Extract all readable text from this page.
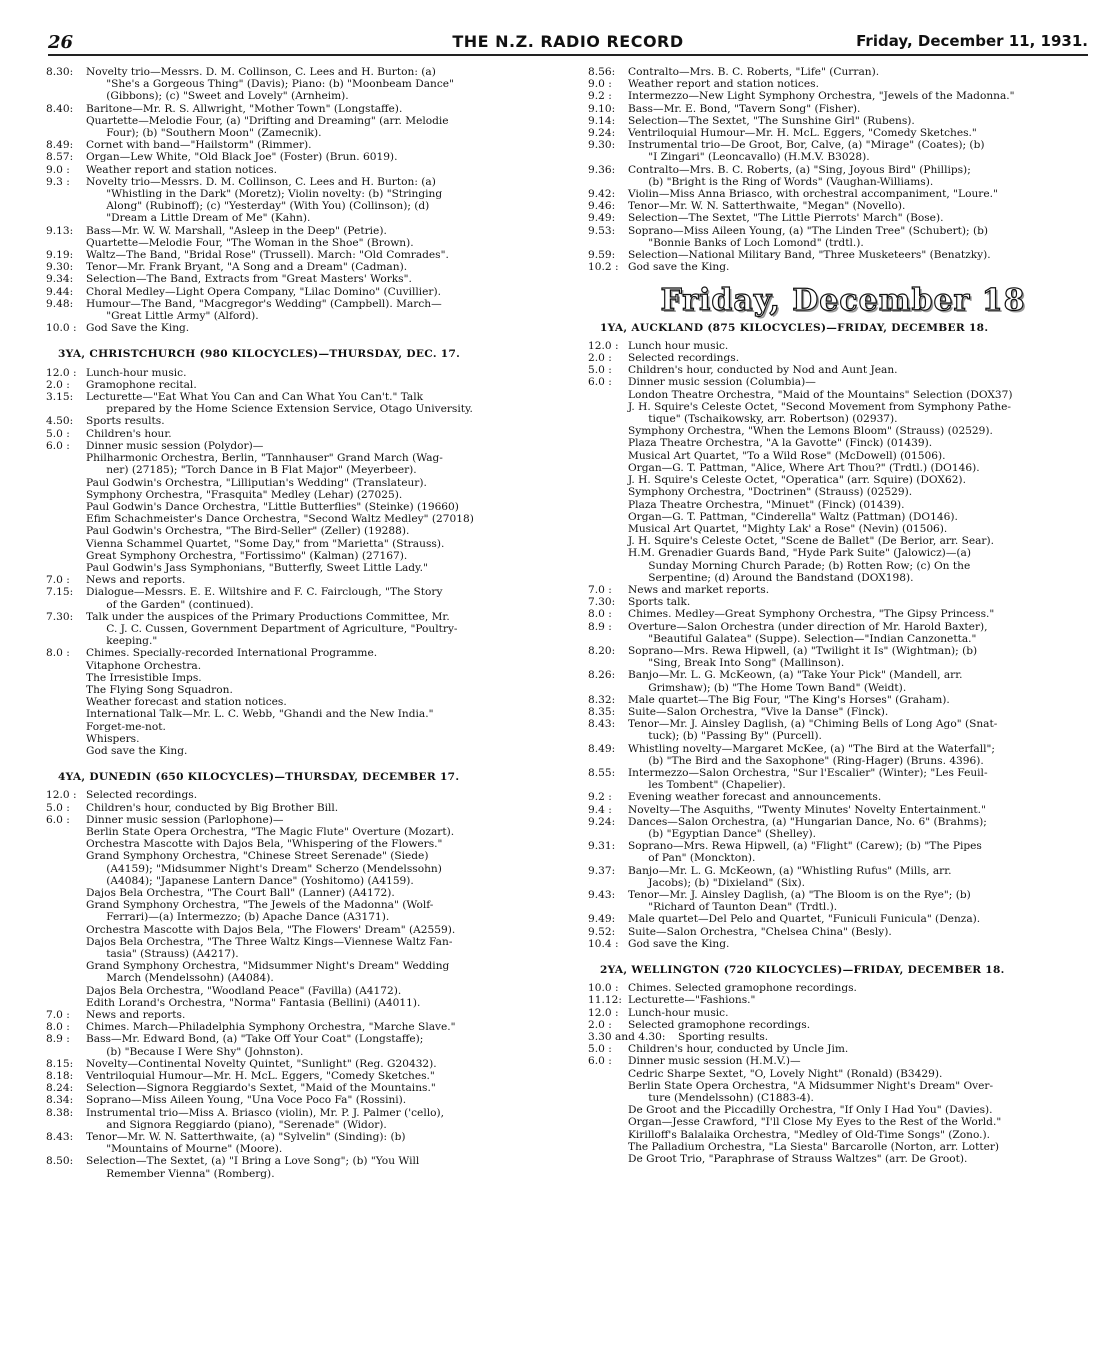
26	THE N.Z. RADIO RECORD	Friday, December 11, 1931.
8.30:	Novelty trio—Messrs. D. M. Collinson, C. Lees and H. Burton: (a)
"She's a Gorgeous Thing" (Davis); Piano: (b) "Moonbeam Dance"
(Gibbons); (c) "Sweet and Lovely" (Arnheim).
8.40:	Baritone—Mr. R. S. Allwright, "Mother Town" (Longstaffe).
Quartette—Melodie Four, (a) "Drifting and Dreaming" (arr. Melodie
Four); (b) "Southern Moon" (Zamecnik).
8.49:	Cornet with band—"Hailstorm" (Rimmer).
8.57:	Organ—Lew White, "Old Black Joe" (Foster) (Brun. 6019).
9.0 :	Weather report and station notices.
9.3 :	Novelty trio—Messrs. D. M. Collinson, C. Lees and H. Burton: (a)
"Whistling in the Dark" (Moretz); Violin novelty: (b) "Stringing
Along" (Rubinoff); (c) "Yesterday" (With You) (Collinson); (d)
"Dream a Little Dream of Me" (Kahn).
9.13:	Bass—Mr. W. W. Marshall, "Asleep in the Deep" (Petrie).
Quartette—Melodie Four, "The Woman in the Shoe" (Brown).
9.19:	Waltz—The Band, "Bridal Rose" (Trussell). March: "Old Comrades".
9.30:	Tenor—Mr. Frank Bryant, "A Song and a Dream" (Cadman).
9.34:	Selection—The Band, Extracts from "Great Masters' Works".
9.44:	Choral Medley—Light Opera Company, "Lilac Domino" (Cuvillier).
9.48:	Humour—The Band, "Macgregor's Wedding" (Campbell). March—
"Great Little Army" (Alford).
10.0 : God Save the King.
3YA, CHRISTCHURCH (980 KILOCYCLES)—THURSDAY, DEC. 17.
12.0 : Lunch-hour music.
2.0 :	Gramophone recital.
3.15:	Lecturette—"Eat What You Can and Can What You Can't." Talk
prepared by the Home Science Extension Service, Otago University.
4.50:	Sports results.
5.0 :	Children's hour.
6.0 :	Dinner music session (Polydor)—
Philharmonic Orchestra, Berlin, "Tannhauser" Grand March (Wag-
ner) (27185); "Torch Dance in B Flat Major" (Meyerbeer).
Paul Godwin's Orchestra, "Lilliputian's Wedding" (Translateur).
Symphony Orchestra, "Frasquita" Medley (Lehar) (27025).
Paul Godwin's Dance Orchestra, "Little Butterflies" (Steinke) (19660)
Efim Schachmeister's Dance Orchestra, "Second Waltz Medley" (27018)
Paul Godwin's Orchestra, "The Bird-Seller" (Zeller) (19288).
Vienna Schammel Quartet, "Some Day," from "Marietta" (Strauss).
Great Symphony Orchestra, "Fortissimo" (Kalman) (27167).
Paul Godwin's Jass Symphonians, "Butterfly, Sweet Little Lady."
7.0 :	News and reports.
7.15:	Dialogue—Messrs. E. E. Wiltshire and F. C. Fairclough, "The Story
of the Garden" (continued).
7.30:	Talk under the auspices of the Primary Productions Committee, Mr.
C. J. C. Cussen, Government Department of Agriculture, "Poultry-
keeping."
8.0 :	Chimes. Specially-recorded International Programme.
Vitaphone Orchestra.
The Irresistible Imps.
The Flying Song Squadron.
Weather forecast and station notices.
International Talk—Mr. L. C. Webb, "Ghandi and the New India."
Forget-me-not.
Whispers.
God save the King.
4YA, DUNEDIN (650 KILOCYCLES)—THURSDAY, DECEMBER 17.
12.0 : Selected recordings.
5.0 :	Children's hour, conducted by Big Brother Bill.
6.0 :	Dinner music session (Parlophone)—
Berlin State Opera Orchestra, "The Magic Flute" Overture (Mozart).
Orchestra Mascotte with Dajos Bela, "Whispering of the Flowers."
Grand Symphony Orchestra, "Chinese Street Serenade" (Siede)
(A4159); "Midsummer Night's Dream" Scherzo (Mendelssohn)
(A4084); "Japanese Lantern Dance" (Yoshitomo) (A4159).
Dajos Bela Orchestra, "The Court Ball" (Lanner) (A4172).
Grand Symphony Orchestra, "The Jewels of the Madonna" (Wolf-
Ferrari)—(a) Intermezzo; (b) Apache Dance (A3171).
Orchestra Mascotte with Dajos Bela, "The Flowers' Dream" (A2559).
Dajos Bela Orchestra, "The Three Waltz Kings—Viennese Waltz Fan-
tasia" (Strauss) (A4217).
Grand Symphony Orchestra, "Midsummer Night's Dream" Wedding
March (Mendelssohn) (A4084).
Dajos Bela Orchestra, "Woodland Peace" (Favilla) (A4172).
Edith Lorand's Orchestra, "Norma" Fantasia (Bellini) (A4011).
7.0 :	News and reports.
8.0 :	Chimes. March—Philadelphia Symphony Orchestra, "Marche Slave."
8.9 :	Bass—Mr. Edward Bond, (a) "Take Off Your Coat" (Longstaffe);
(b) "Because I Were Shy" (Johnston).
8.15:	Novelty—Continental Novelty Quintet, "Sunlight" (Reg. G20432).
8.18:	Ventriloquial Humour—Mr. H. McL. Eggers, "Comedy Sketches."
8.24:	Selection—Signora Reggiardo's Sextet, "Maid of the Mountains."
8.34:	Soprano—Miss Aileen Young, "Una Voce Poco Fa" (Rossini).
8.38:	Instrumental trio—Miss A. Briasco (violin), Mr. P. J. Palmer ('cello),
and Signora Reggiardo (piano), "Serenade" (Widor).
8.43:	Tenor—Mr. W. N. Satterthwaite, (a) "Sylvelin" (Sinding): (b)
"Mountains of Mourne" (Moore).
8.50:	Selection—The Sextet, (a) "I Bring a Love Song"; (b) "You Will
Remember Vienna" (Romberg).
8.56:	Contralto—Mrs. B. C. Roberts, "Life" (Curran).
9.0 :	Weather report and station notices.
9.2 :	Intermezzo—New Light Symphony Orchestra, "Jewels of the Madonna."
9.10:	Bass—Mr. E. Bond, "Tavern Song" (Fisher).
9.14:	Selection—The Sextet, "The Sunshine Girl" (Rubens).
9.24:	Ventriloquial Humour—Mr. H. McL. Eggers, "Comedy Sketches."
9.30:	Instrumental trio—De Groot, Bor, Calve, (a) "Mirage" (Coates); (b)
"I Zingari" (Leoncavallo) (H.M.V. B3028).
9.36:	Contralto—Mrs. B. C. Roberts, (a) "Sing, Joyous Bird" (Phillips);
(b) "Bright is the Ring of Words" (Vaughan-Williams).
9.42:	Violin—Miss Anna Briasco, with orchestral accompaniment, "Loure."
9.46:	Tenor—Mr. W. N. Satterthwaite, "Megan" (Novello).
9.49:	Selection—The Sextet, "The Little Pierrots' March" (Bose).
9.53:	Soprano—Miss Aileen Young, (a) "The Linden Tree" (Schubert); (b)
"Bonnie Banks of Loch Lomond" (trdtl.).
9.59:	Selection—National Military Band, "Three Musketeers" (Benatzky).
10.2 : God save the King.
Friday, December 18
1YA, AUCKLAND (875 KILOCYCLES)—FRIDAY, DECEMBER 18.
12.0 : Lunch hour music.
2.0 :	Selected recordings.
5.0 :	Children's hour, conducted by Nod and Aunt Jean.
6.0 :	Dinner music session (Columbia)—
London Theatre Orchestra, "Maid of the Mountains" Selection (DOX37)
J. H. Squire's Celeste Octet, "Second Movement from Symphony Pathe-
tique" (Tschaikowsky, arr. Robertson) (02937).
Symphony Orchestra, "When the Lemons Bloom" (Strauss) (02529).
Plaza Theatre Orchestra, "A la Gavotte" (Finck) (01439).
Musical Art Quartet, "To a Wild Rose" (McDowell) (01506).
Organ—G. T. Pattman, "Alice, Where Art Thou?" (Trdtl.) (DO146).
J. H. Squire's Celeste Octet, "Operatica" (arr. Squire) (DOX62).
Symphony Orchestra, "Doctrinen" (Strauss) (02529).
Plaza Theatre Orchestra, "Minuet" (Finck) (01439).
Organ—G. T. Pattman, "Cinderella" Waltz (Pattman) (DO146).
Musical Art Quartet, "Mighty Lak' a Rose" (Nevin) (01506).
J. H. Squire's Celeste Octet, "Scene de Ballet" (De Berior, arr. Sear).
H.M. Grenadier Guards Band, "Hyde Park Suite" (Jalowicz)—(a)
Sunday Morning Church Parade; (b) Rotten Row; (c) On the
Serpentine; (d) Around the Bandstand (DOX198).
7.0 :	News and market reports.
7.30:	Sports talk.
8.0 :	Chimes. Medley—Great Symphony Orchestra, "The Gipsy Princess."
8.9 :	Overture—Salon Orchestra (under direction of Mr. Harold Baxter),
"Beautiful Galatea" (Suppe). Selection—"Indian Canzonetta."
8.20:	Soprano—Mrs. Rewa Hipwell, (a) "Twilight it Is" (Wightman); (b)
"Sing, Break Into Song" (Mallinson).
8.26:	Banjo—Mr. L. G. McKeown, (a) "Take Your Pick" (Mandell, arr.
Grimshaw); (b) "The Home Town Band" (Weidt).
8.32:	Male quartet—The Big Four, "The King's Horses" (Graham).
8.35:	Suite—Salon Orchestra, "Vive la Danse" (Finck).
8.43:	Tenor—Mr. J. Ainsley Daglish, (a) "Chiming Bells of Long Ago" (Snat-
tuck); (b) "Passing By" (Purcell).
8.49:	Whistling novelty—Margaret McKee, (a) "The Bird at the Waterfall";
(b) "The Bird and the Saxophone" (Ring-Hager) (Bruns. 4396).
8.55:	Intermezzo—Salon Orchestra, "Sur l'Escalier" (Winter); "Les Feuil-
les Tombent" (Chapelier).
9.2 :	Evening weather forecast and announcements.
9.4 :	Novelty—The Asquiths, "Twenty Minutes' Novelty Entertainment."
9.24:	Dances—Salon Orchestra, (a) "Hungarian Dance, No. 6" (Brahms);
(b) "Egyptian Dance" (Shelley).
9.31:	Soprano—Mrs. Rewa Hipwell, (a) "Flight" (Carew); (b) "The Pipes
of Pan" (Monckton).
9.37:	Banjo—Mr. L. G. McKeown, (a) "Whistling Rufus" (Mills, arr.
Jacobs); (b) "Dixieland" (Six).
9.43:	Tenor—Mr. J. Ainsley Daglish, (a) "The Bloom is on the Rye"; (b)
"Richard of Taunton Dean" (Trdtl.).
9.49:	Male quartet—Del Pelo and Quartet, "Funiculi Funicula" (Denza).
9.52:	Suite—Salon Orchestra, "Chelsea China" (Besly).
10.4 : God save the King.
2YA, WELLINGTON (720 KILOCYCLES)—FRIDAY, DECEMBER 18.
10.0 : Chimes. Selected gramophone recordings.
11.12: Lecturette—"Fashions."
12.0 : Lunch-hour music.
2.0 :	Selected gramophone recordings.
3.30 and 4.30:	Sporting results.
5.0 :	Children's hour, conducted by Uncle Jim.
6.0 :	Dinner music session (H.M.V.)—
Cedric Sharpe Sextet, "O, Lovely Night" (Ronald) (B3429).
Berlin State Opera Orchestra, "A Midsummer Night's Dream" Over-
ture (Mendelssohn) (C1883-4).
De Groot and the Piccadilly Orchestra, "If Only I Had You" (Davies).
Organ—Jesse Crawford, "I'll Close My Eyes to the Rest of the World."
Kirilloff's Balalaika Orchestra, "Medley of Old-Time Songs" (Zono.).
The Palladium Orchestra, "La Siesta" Barcarolle (Norton, arr. Lotter)
De Groot Trio, "Paraphrase of Strauss Waltzes" (arr. De Groot).
